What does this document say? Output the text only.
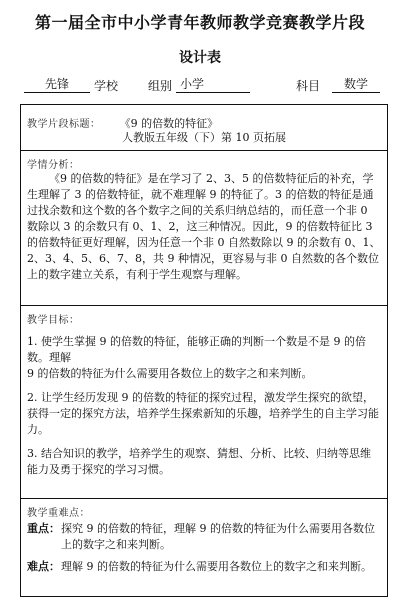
第一届全市中小学青年教师教学竞赛教学片段
设计表
先锋	学校 组别 小学	科目	数学
教学片段标题： 《9 的倍数的特征》
人教版五年级（下）第 10 页拓展
学情分析：

《9 的倍数的特征》是在学习了 2、3、5 的倍数特征后的补充，学生理解了 3 的倍数特征，就不难理解 9 的特征了。3 的倍数的特征是通过找余数和这个数的各个数字之间的关系归纳总结的，而任意一个非 0 数除以 3 的余数只有 0、1、2，这三种情况。因此，9 的倍数特征比 3 的倍数特征更好理解，因为任意一个非 0 自然数除以 9 的余数有 0、1、2、3、4、5、6、7、8，共 9 种情况，更容易与非 0 自然数的各个数位上的数字建立关系，有利于学生观察与理解。

教学目标：

1. 使学生掌握 9 的倍数的特征，能够正确的判断一个数是不是 9 的倍数。理解

9 的倍数的特征为什么需要用各数位上的数字之和来判断。

2. 让学生经历发现 9 的倍数的特征的探究过程，激发学生探究的欲望，获得一定的探究方法，培养学生探索新知的乐趣，培养学生的自主学习能力。

3. 结合知识的教学，培养学生的观察、猜想、分析、比较、归纳等思维能力及勇于探究的学习习惯。

教学重难点：
重点： 探究 9 的倍数的特征，理解 9 的倍数的特征为什么需要用各数位上的数字之和来判断。

难点： 理解 9 的倍数的特征为什么需要用各数位上的数字之和来判断。
